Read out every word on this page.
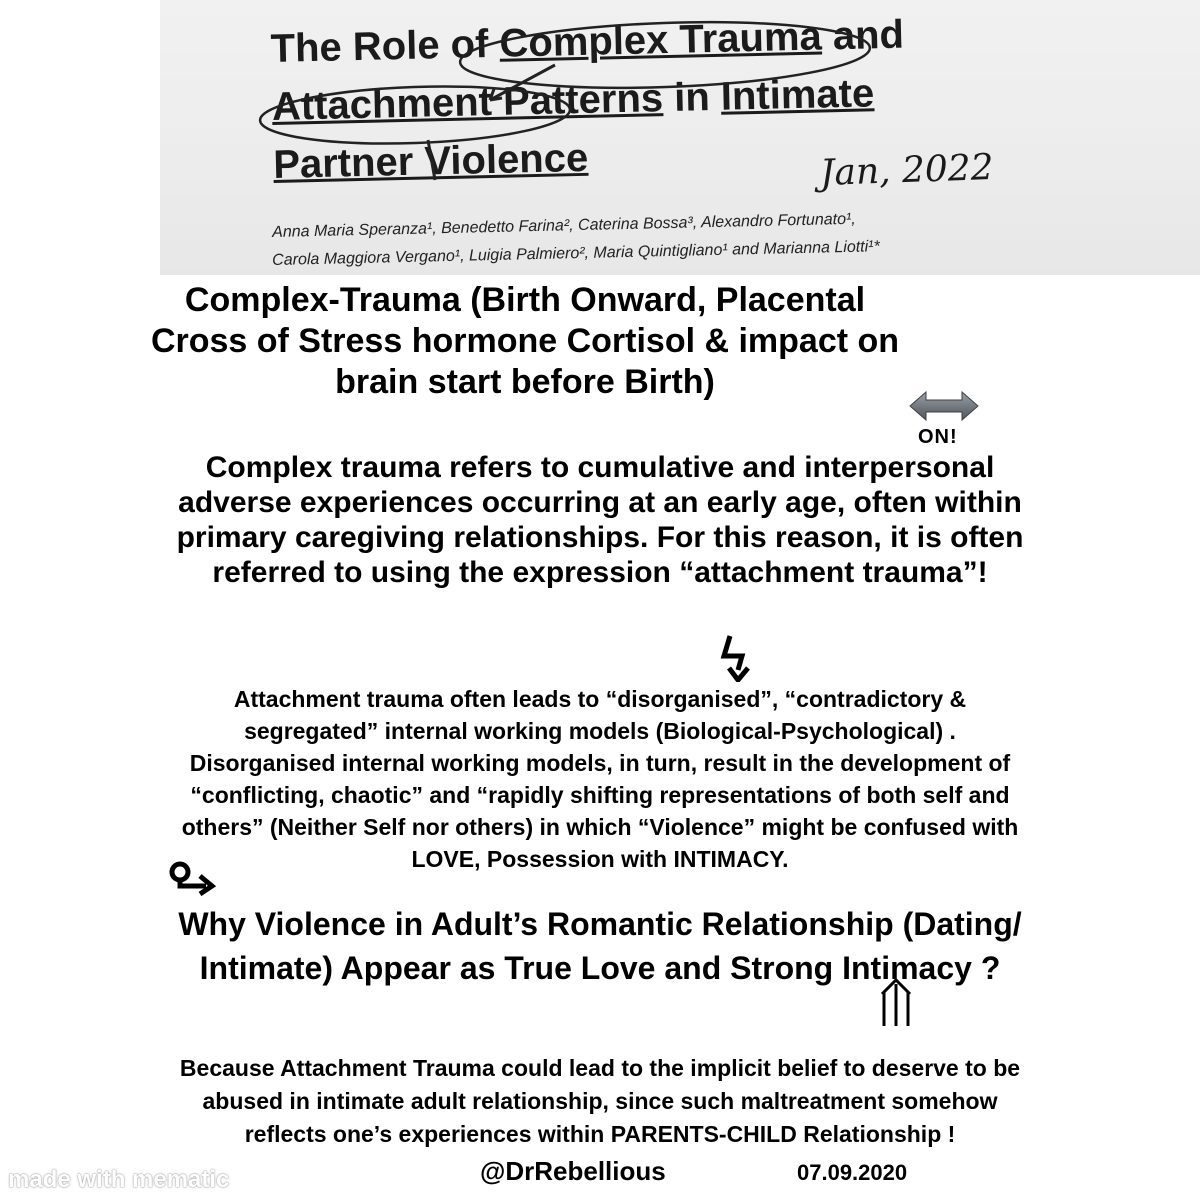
The Role of Complex Trauma and
Attachment Patterns in Intimate
Partner Violence	Jan, 2022
Anna Maria Speranza¹, Benedetto Farina², Caterina Bossa³, Alexandro Fortunato¹,
Carola Maggiora Vergano¹, Luigia Palmiero², Maria Quintigliano¹ and Marianna Liotti¹*
Complex-Trauma (Birth Onward, Placental
Cross of Stress hormone Cortisol & impact on
brain start before Birth)
ON!
Complex trauma refers to cumulative and interpersonal
adverse experiences occurring at an early age, often within
primary caregiving relationships. For this reason, it is often
referred to using the expression “attachment trauma”!
Attachment trauma often leads to “disorganised”, “contradictory &
segregated” internal working models (Biological-Psychological) .
Disorganised internal working models, in turn, result in the development of
“conflicting, chaotic” and “rapidly shifting representations of both self and
others” (Neither Self nor others) in which “Violence” might be confused with
LOVE, Possession with INTIMACY.
Why Violence in Adult’s Romantic Relationship (Dating/
Intimate) Appear as True Love and Strong Intimacy ?
Because Attachment Trauma could lead to the implicit belief to deserve to be
abused in intimate adult relationship, since such maltreatment somehow
reflects one’s experiences within PARENTS-CHILD Relationship !
made with mematic	@DrRebellious	07.09.2020
